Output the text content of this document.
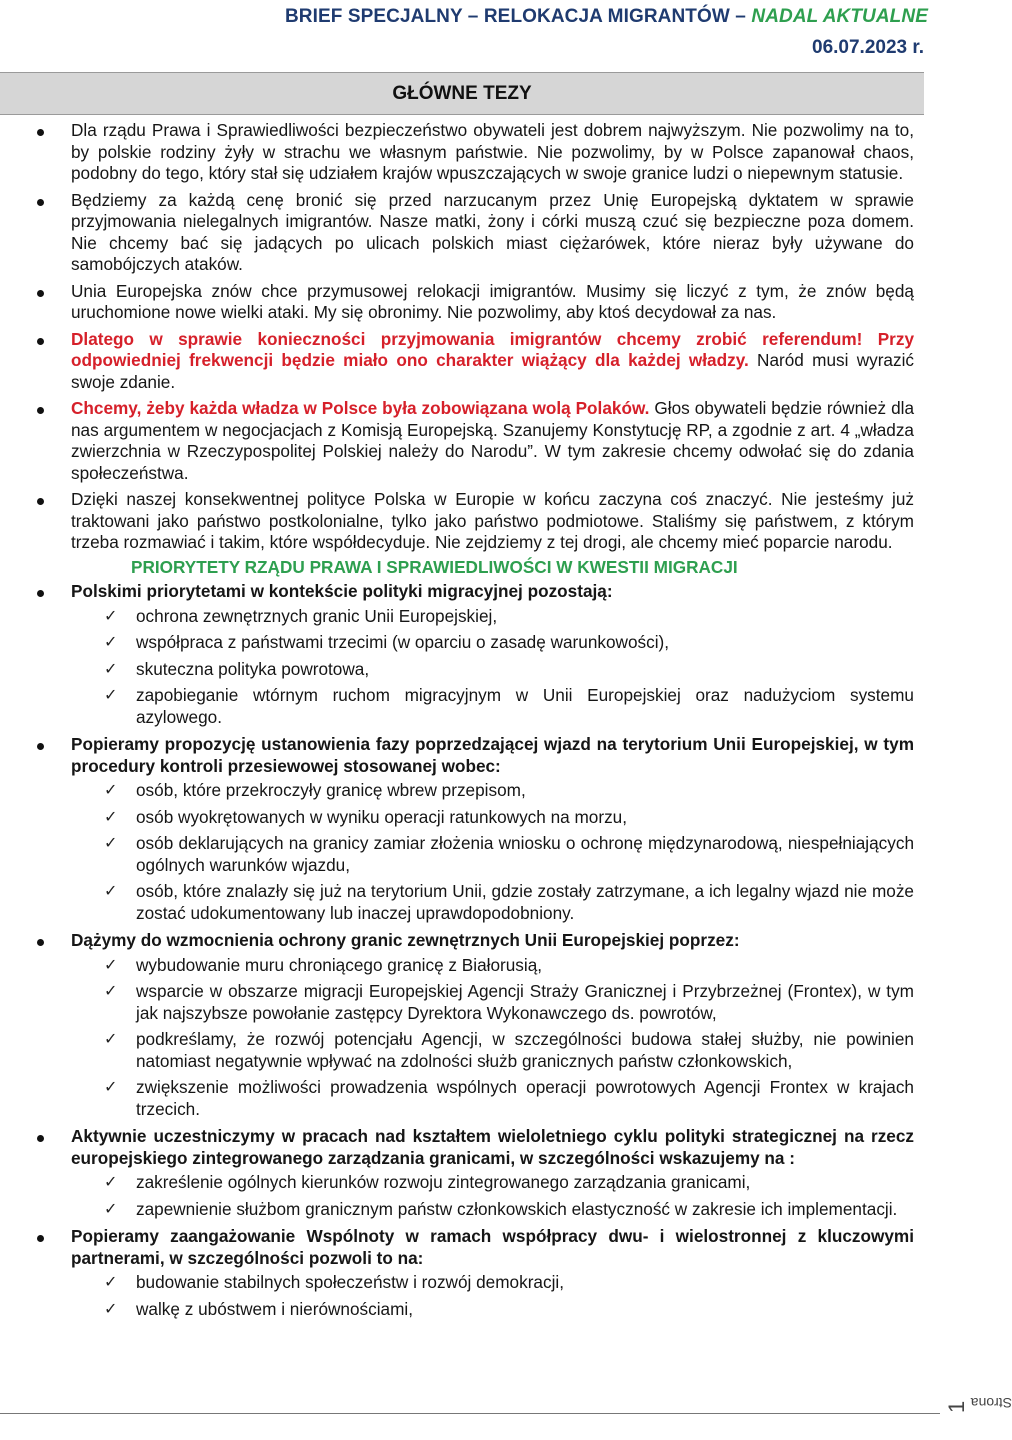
BRIEF SPECJALNY – RELOKACJA MIGRANTÓW – NADAL AKTUALNE
06.07.2023 r.
GŁÓWNE TEZY
Dla rządu Prawa i Sprawiedliwości bezpieczeństwo obywateli jest dobrem najwyższym. Nie pozwolimy na to, by polskie rodziny żyły w strachu we własnym państwie. Nie pozwolimy, by w Polsce zapanował chaos, podobny do tego, który stał się udziałem krajów wpuszczających w swoje granice ludzi o niepewnym statusie.
Będziemy za każdą cenę bronić się przed narzucanym przez Unię Europejską dyktatem w sprawie przyjmowania nielegalnych imigrantów. Nasze matki, żony i córki muszą czuć się bezpieczne poza domem. Nie chcemy bać się jadących po ulicach polskich miast ciężarówek, które nieraz były używane do samobójczych ataków.
Unia Europejska znów chce przymusowej relokacji imigrantów. Musimy się liczyć z tym, że znów będą uruchomione nowe wielki ataki. My się obronimy. Nie pozwolimy, aby ktoś decydował za nas.
Dlatego w sprawie konieczności przyjmowania imigrantów chcemy zrobić referendum! Przy odpowiedniej frekwencji będzie miało ono charakter wiążący dla każdej władzy. Naród musi wyrazić swoje zdanie.
Chcemy, żeby każda władza w Polsce była zobowiązana wolą Polaków. Głos obywateli będzie również dla nas argumentem w negocjacjach z Komisją Europejską. Szanujemy Konstytucję RP, a zgodnie z art. 4 „władza zwierzchnia w Rzeczypospolitej Polskiej należy do Narodu”. W tym zakresie chcemy odwołać się do zdania społeczeństwa.
Dzięki naszej konsekwentnej polityce Polska w Europie w końcu zaczyna coś znaczyć. Nie jesteśmy już traktowani jako państwo postkolonialne, tylko jako państwo podmiotowe. Staliśmy się państwem, z którym trzeba rozmawiać i takim, które współdecyduje. Nie zejdziemy z tej drogi, ale chcemy mieć poparcie narodu.
PRIORYTETY RZĄDU PRAWA I SPRAWIEDLIWOŚCI W KWESTII MIGRACJI
Polskimi priorytetami w kontekście polityki migracyjnej pozostają:
✓ ochrona zewnętrznych granic Unii Europejskiej,
✓ współpraca z państwami trzecimi (w oparciu o zasadę warunkowości),
✓ skuteczna polityka powrotowa,
✓ zapobieganie wtórnym ruchom migracyjnym w Unii Europejskiej oraz nadużyciom systemu azylowego.
Popieramy propozycję ustanowienia fazy poprzedzającej wjazd na terytorium Unii Europejskiej, w tym procedury kontroli przesiewowej stosowanej wobec:
✓ osób, które przekroczyły granicę wbrew przepisom,
✓ osób wyokrętowanych w wyniku operacji ratunkowych na morzu,
✓ osób deklarujących na granicy zamiar złożenia wniosku o ochronę międzynarodową, niespełniających ogólnych warunków wjazdu,
✓ osób, które znalazły się już na terytorium Unii, gdzie zostały zatrzymane, a ich legalny wjazd nie może zostać udokumentowany lub inaczej uprawdopodobniony.
Dążymy do wzmocnienia ochrony granic zewnętrznych Unii Europejskiej poprzez:
✓ wybudowanie muru chroniącego granicę z Białorusią,
✓ wsparcie w obszarze migracji Europejskiej Agencji Straży Granicznej i Przybrzeżnej (Frontex), w tym jak najszybsze powołanie zastępcy Dyrektora Wykonawczego ds. powrotów,
✓ podkreślamy, że rozwój potencjału Agencji, w szczególności budowa stałej służby, nie powinien natomiast negatywnie wpływać na zdolności służb granicznych państw członkowskich,
✓ zwiększenie możliwości prowadzenia wspólnych operacji powrotowych Agencji Frontex w krajach trzecich.
Aktywnie uczestniczymy w pracach nad kształtem wieloletniego cyklu polityki strategicznej na rzecz europejskiego zintegrowanego zarządzania granicami, w szczególności wskazujemy na :
✓ zakreślenie ogólnych kierunków rozwoju zintegrowanego zarządzania granicami,
✓ zapewnienie służbom granicznym państw członkowskich elastyczność w zakresie ich implementacji.
Popieramy zaangażowanie Wspólnoty w ramach współpracy dwu- i wielostronnej z kluczowymi partnerami, w szczególności pozwoli to na:
✓ budowanie stabilnych społeczeństw i rozwój demokracji,
✓ walkę z ubóstwem i nierównościami,
Strona
1
